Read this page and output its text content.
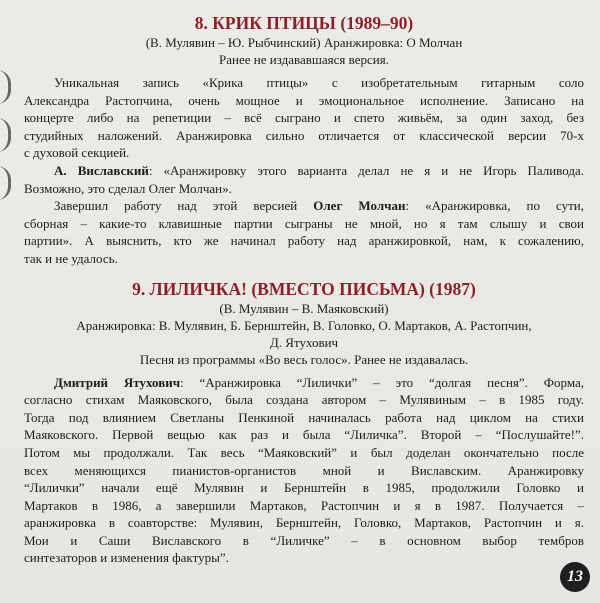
8. КРИК ПТИЦЫ (1989–90)

(В. Мулявин – Ю. Рыбчинский) Аранжировка: О Молчан

Ранее не издававшаяся версия.

Уникальная запись «Крика птицы» с изобретательным гитарным соло
Александра Растопчина, очень мощное и эмоциональное исполнение. Записано на
концерте либо на репетиции – всё сыграно и спето живьём, за один заход, без
студийных наложений. Аранжировка сильно отличается от классической версии 70-х
с духовой секцией.
А. Виславский: «Аранжировку этого варианта делал не я и не Игорь Паливода.
Возможно, это сделал Олег Молчан».
Завершил работу над этой версией Олег Молчан: «Аранжировка, по сути,
сборная – какие-то клавишные партии сыграны не мной, но я там слышу и свои
партии». А выяснить, кто же начинал работу над аранжировкой, нам, к сожалению,
так и не удалось.
9. ЛИЛИЧКА! (ВМЕСТО ПИСЬМА) (1987)

(В. Мулявин – В. Маяковский)

Аранжировка: В. Мулявин, Б. Бернштейн, В. Головко, О. Мартаков, А. Растопчин,

Д. Ятухович

Песня из программы «Во весь голос». Ранее не издавалась.

Дмитрий Ятухович: “Аранжировка “Лилички” – это “долгая песня”. Форма,
согласно стихам Маяковского, была создана автором – Мулявиным – в 1985 году.
Тогда под влиянием Светланы Пенкиной начиналась работа над циклом на стихи
Маяковского. Первой вещью как раз и была “Лиличка”. Второй – “Послушайте!”.
Потом мы продолжали. Так весь “Маяковский” и был доделан окончательно после
всех меняющихся пианистов-органистов мной и Виславским. Аранжировку
“Лилички” начали ещё Мулявин и Бернштейн в 1985, продолжили Головко и
Мартаков в 1986, а завершили Мартаков, Растопчин и я в 1987. Получается –
аранжировка в соавторстве: Мулявин, Бернштейн, Головко, Мартаков, Растопчин и я.
Мои и Саши Виславского в “Лиличке” – в основном выбор тембров
синтезаторов и изменения фактуры”.
13
